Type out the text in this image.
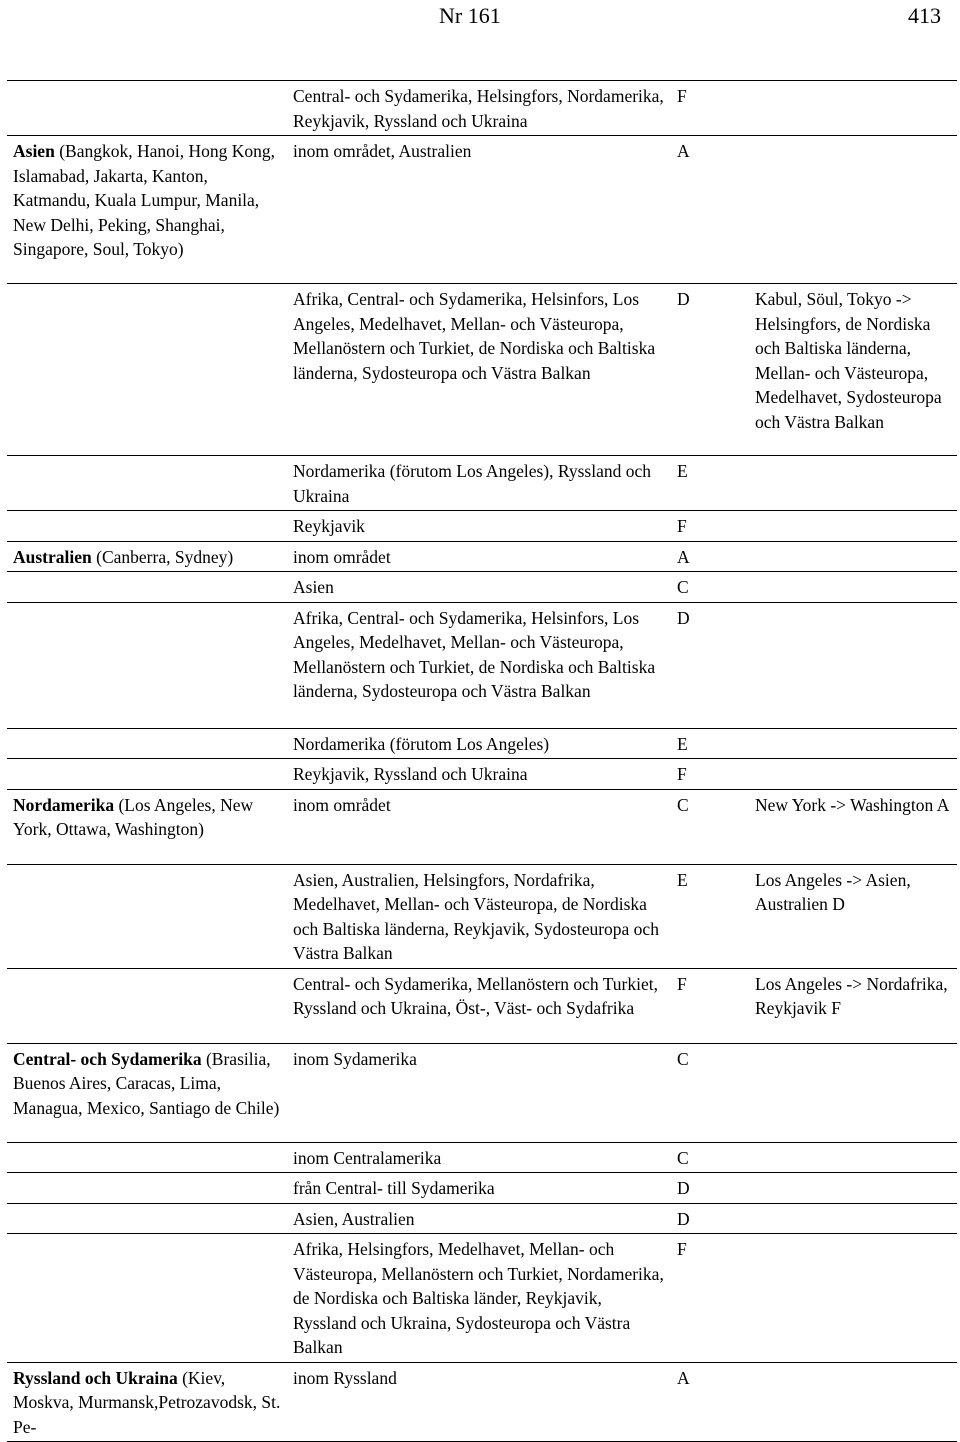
Nr 161	413
	Central- och Sydamerika, Helsingfors, Nordamerika, Reykjavik, Ryssland och Ukraina	F	
Asien (Bangkok, Hanoi, Hong Kong, Islamabad, Jakarta, Kanton, Katmandu, Kuala Lumpur, Manila, New Delhi, Peking, Shanghai, Singapore, Soul, Tokyo)	inom området, Australien	A	
	Afrika, Central- och Sydamerika, Helsinfors, Los Angeles, Medelhavet, Mellan- och Västeuropa, Mellanöstern och Turkiet, de Nordiska och Baltiska länderna, Sydosteuropa och Västra Balkan	D	Kabul, Söul, Tokyo -> Helsingfors, de Nordiska och Baltiska länderna, Mellan- och Västeuropa, Medelhavet, Sydosteuropa och Västra Balkan
	Nordamerika (förutom Los Angeles), Ryssland och Ukraina	E	
	Reykjavik	F	
Australien (Canberra, Sydney)	inom området	A	
	Asien	C	
	Afrika, Central- och Sydamerika, Helsinfors, Los Angeles, Medelhavet, Mellan- och Västeuropa, Mellanöstern och Turkiet, de Nordiska och Baltiska länderna, Sydosteuropa och Västra Balkan	D	
	Nordamerika (förutom Los Angeles)	E	
	Reykjavik, Ryssland och Ukraina	F	
Nordamerika (Los Angeles, New York, Ottawa, Washington)	inom området	C	New York -> Washington A
	Asien, Australien, Helsingfors, Nordafrika, Medelhavet, Mellan- och Västeuropa, de Nordiska och Baltiska länderna, Reykjavik, Sydosteuropa och Västra Balkan	E	Los Angeles -> Asien, Australien D
	Central- och Sydamerika, Mellanöstern och Turkiet, Ryssland och Ukraina, Öst-, Väst- och Sydafrika	F	Los Angeles -> Nordafrika, Reykjavik F
Central- och Sydamerika (Brasilia, Buenos Aires, Caracas, Lima, Managua, Mexico, Santiago de Chile)	inom Sydamerika	C	
	inom Centralamerika	C	
	från Central- till Sydamerika	D	
	Asien, Australien	D	
	Afrika, Helsingfors, Medelhavet, Mellan- och Västeuropa, Mellanöstern och Turkiet, Nordamerika, de Nordiska och Baltiska länder, Reykjavik, Ryssland och Ukraina, Sydosteuropa och Västra Balkan	F	
Ryssland och Ukraina (Kiev, Moskva, Murmansk,Petrozavodsk, St. Pe-	inom Ryssland	A	
